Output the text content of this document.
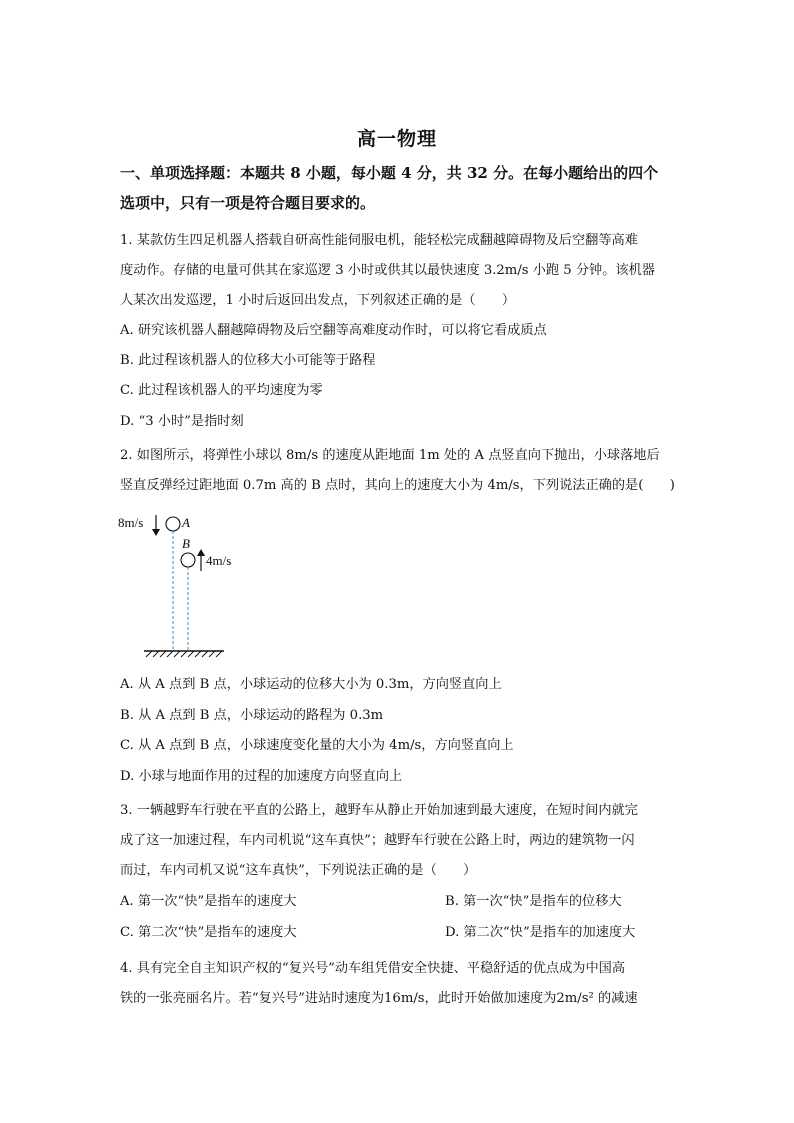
高一物理
一、单项选择题：本题共 8 小题，每小题 4 分，共 32 分。在每小题给出的四个
选项中，只有一项是符合题目要求的。
1. 某款仿生四足机器人搭载自研高性能伺服电机，能轻松完成翻越障碍物及后空翻等高难
度动作。存储的电量可供其在家巡逻 3 小时或供其以最快速度 3.2m/s 小跑 5 分钟。该机器
人某次出发巡逻，1 小时后返回出发点，下列叙述正确的是（　　）
A. 研究该机器人翻越障碍物及后空翻等高难度动作时，可以将它看成质点
B. 此过程该机器人的位移大小可能等于路程
C. 此过程该机器人的平均速度为零
D. “3 小时”是指时刻
2. 如图所示，将弹性小球以 8m/s 的速度从距地面 1m 处的 A 点竖直向下抛出，小球落地后
竖直反弹经过距地面 0.7m 高的 B 点时，其向上的速度大小为 4m/s，下列说法正确的是(　　)
8m/s	A
B
4m/s
A. 从 A 点到 B 点，小球运动的位移大小为 0.3m，方向竖直向上
B. 从 A 点到 B 点，小球运动的路程为 0.3m
C. 从 A 点到 B 点，小球速度变化量的大小为 4m/s，方向竖直向上
D. 小球与地面作用的过程的加速度方向竖直向上
3. 一辆越野车行驶在平直的公路上，越野车从静止开始加速到最大速度，在短时间内就完
成了这一加速过程，车内司机说“这车真快”；越野车行驶在公路上时，两边的建筑物一闪
而过，车内司机又说“这车真快”，下列说法正确的是（　　）
A. 第一次“快”是指车的速度大	B. 第一次“快”是指车的位移大
C. 第二次“快”是指车的速度大	D. 第二次“快”是指车的加速度大
4. 具有完全自主知识产权的“复兴号”动车组凭借安全快捷、平稳舒适的优点成为中国高
铁的一张亮丽名片。若“复兴号”进站时速度为16m/s，此时开始做加速度为2m/s² 的减速
